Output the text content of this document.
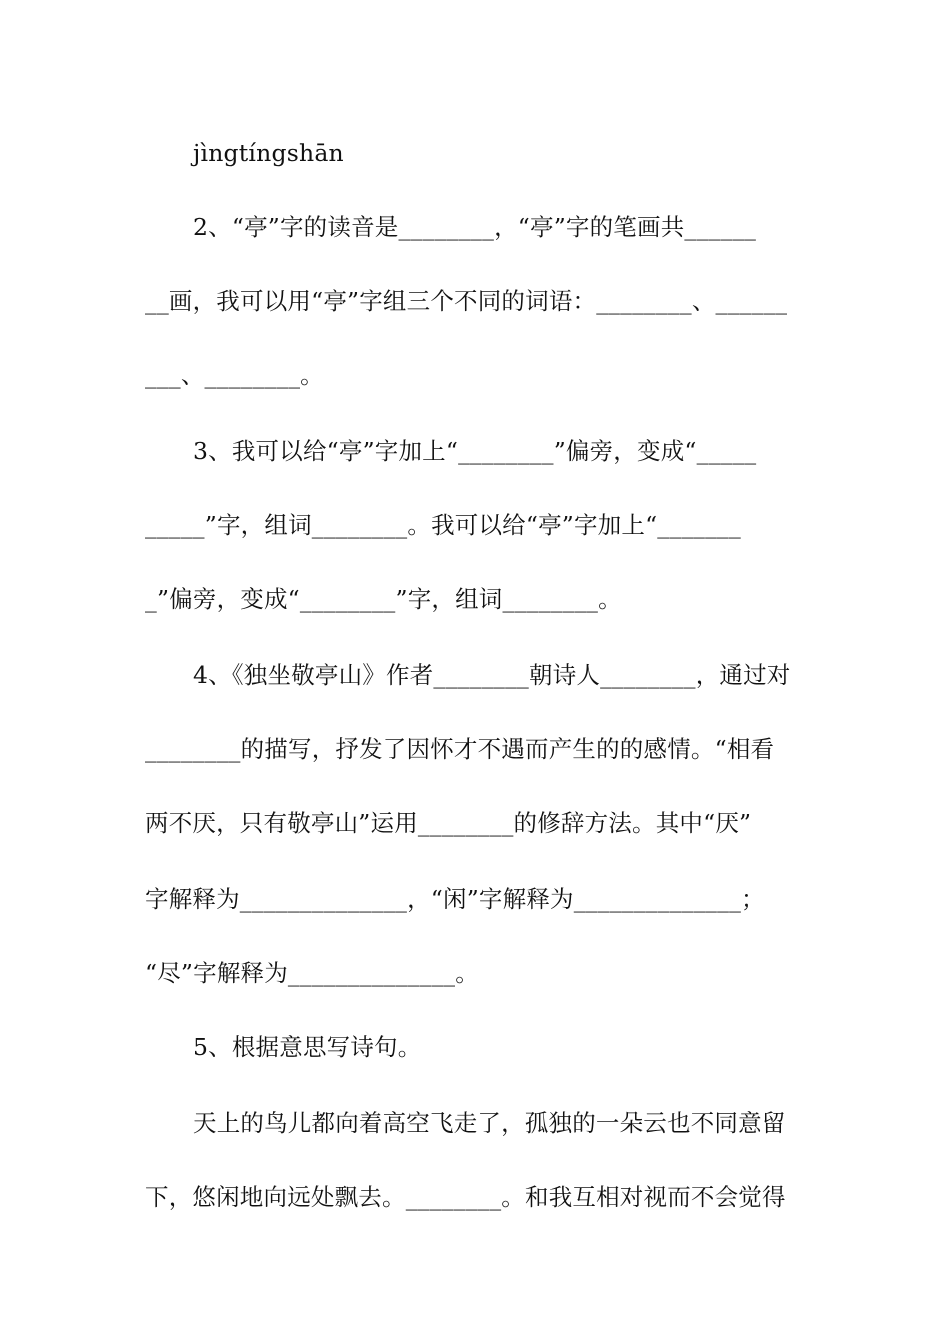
jìngtíngshān
2、“亭”字的读音是________，“亭”字的笔画共______
__画，我可以用“亭”字组三个不同的词语：________、______
___、________。
3、我可以给“亭”字加上“________”偏旁，变成“_____
_____”字，组词________。我可以给“亭”字加上“_______
_”偏旁，变成“________”字，组词________。
4、《独坐敬亭山》作者________朝诗人________，通过对
________的描写，抒发了因怀才不遇而产生的的感情。“相看
两不厌，只有敬亭山”运用________的修辞方法。其中“厌”
字解释为______________，“闲”字解释为______________；
“尽”字解释为______________。
5、根据意思写诗句。
天上的鸟儿都向着高空飞走了，孤独的一朵云也不同意留
下，悠闲地向远处飘去。________。和我互相对视而不会觉得
